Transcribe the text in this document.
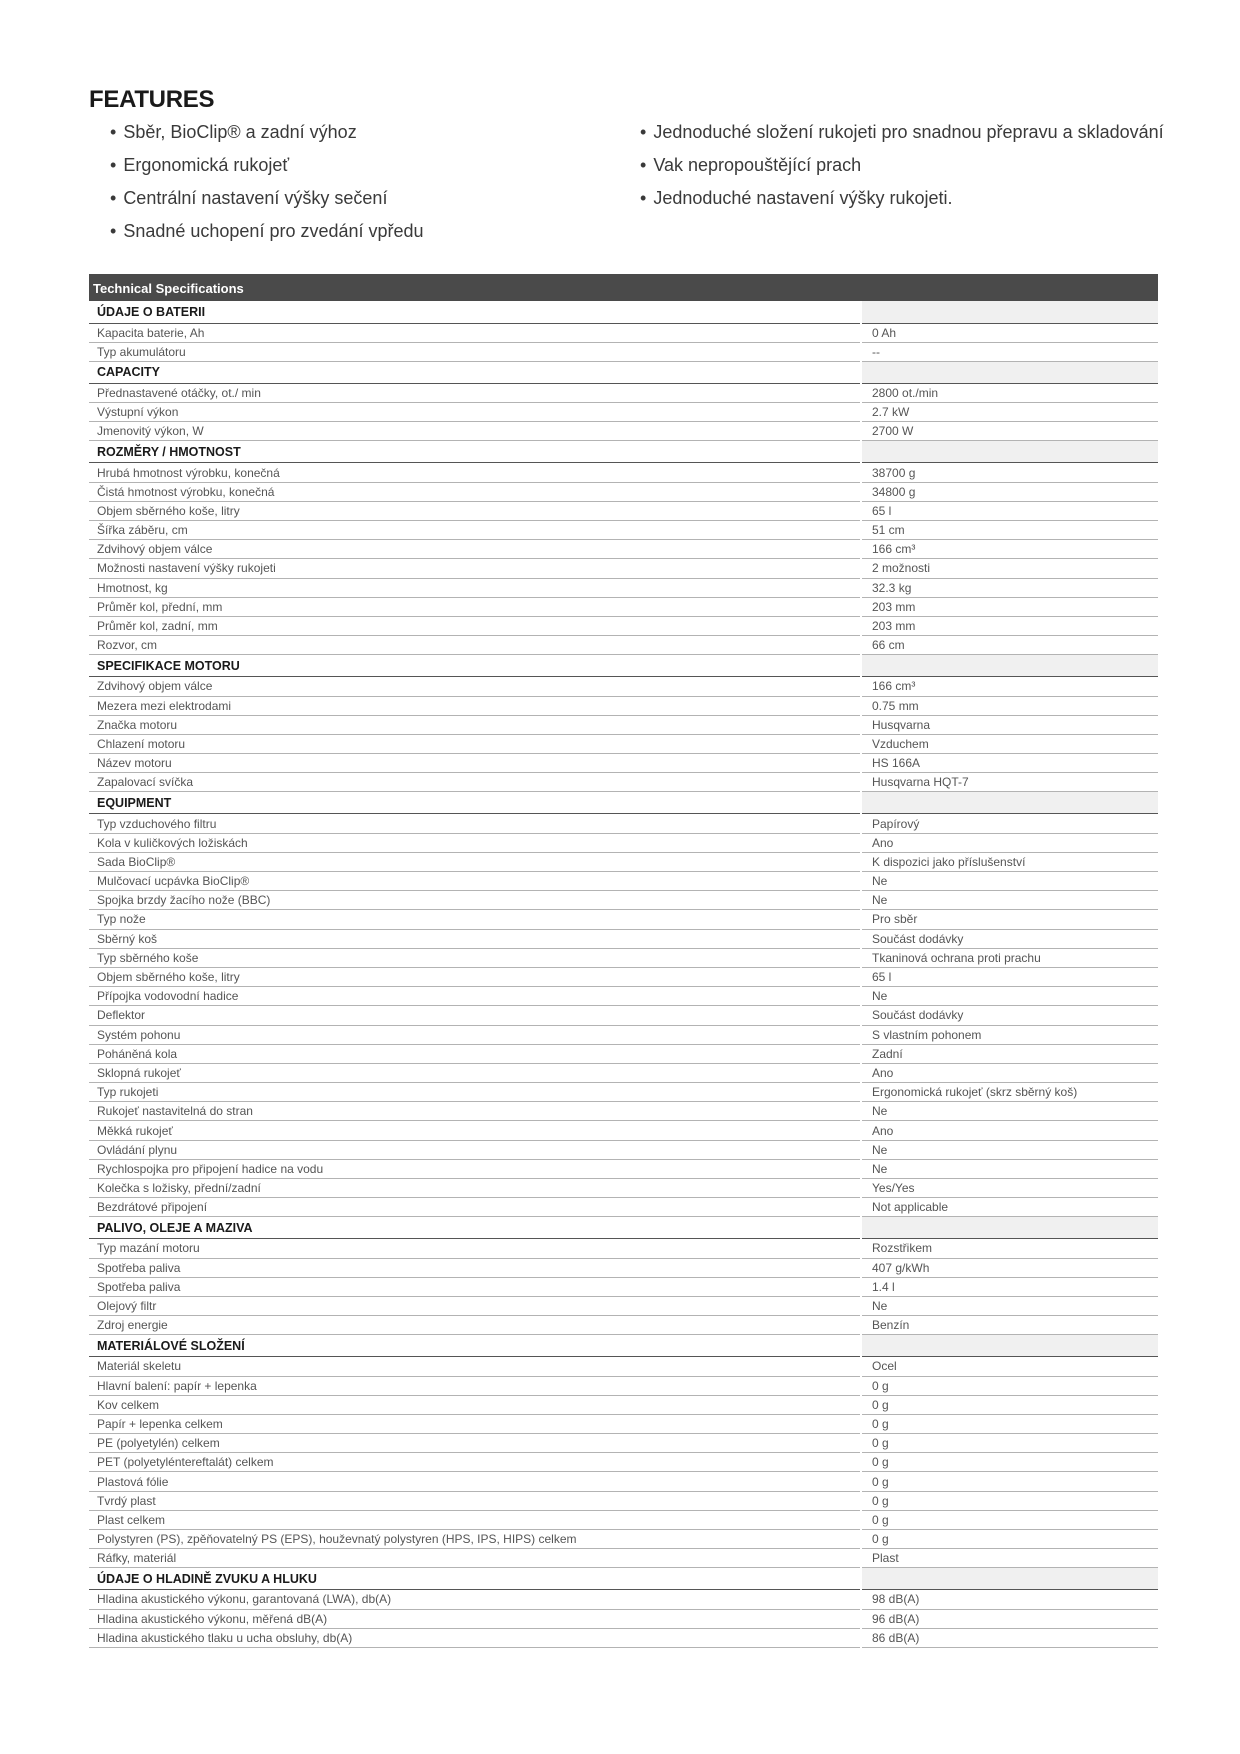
FEATURES
• Sběr, BioClip® a zadní výhoz
• Ergonomická rukojeť
• Centrální nastavení výšky sečení
• Snadné uchopení pro zvedání vpředu
• Jednoduché složení rukojeti pro snadnou přepravu a skladování
• Vak nepropouštějící prach
• Jednoduché nastavení výšky rukojeti.
Technical Specifications
ÚDAJE O BATERII	
Kapacita baterie, Ah	0 Ah
Typ akumulátoru	--
CAPACITY	
Přednastavené otáčky, ot./ min	2800 ot./min
Výstupní výkon	2.7 kW
Jmenovitý výkon, W	2700 W
ROZMĚRY / HMOTNOST	
Hrubá hmotnost výrobku, konečná	38700 g
Čistá hmotnost výrobku, konečná	34800 g
Objem sběrného koše, litry	65 l
Šířka záběru, cm	51 cm
Zdvihový objem válce	166 cm³
Možnosti nastavení výšky rukojeti	2 možnosti
Hmotnost, kg	32.3 kg
Průměr kol, přední, mm	203 mm
Průměr kol, zadní, mm	203 mm
Rozvor, cm	66 cm
SPECIFIKACE MOTORU	
Zdvihový objem válce	166 cm³
Mezera mezi elektrodami	0.75 mm
Značka motoru	Husqvarna
Chlazení motoru	Vzduchem
Název motoru	HS 166A
Zapalovací svíčka	Husqvarna HQT-7
EQUIPMENT	
Typ vzduchového filtru	Papírový
Kola v kuličkových ložiskách	Ano
Sada BioClip®	K dispozici jako příslušenství
Mulčovací ucpávka BioClip®	Ne
Spojka brzdy žacího nože (BBC)	Ne
Typ nože	Pro sběr
Sběrný koš	Součást dodávky
Typ sběrného koše	Tkaninová ochrana proti prachu
Objem sběrného koše, litry	65 l
Přípojka vodovodní hadice	Ne
Deflektor	Součást dodávky
Systém pohonu	S vlastním pohonem
Poháněná kola	Zadní
Sklopná rukojeť	Ano
Typ rukojeti	Ergonomická rukojeť (skrz sběrný koš)
Rukojeť nastavitelná do stran	Ne
Měkká rukojeť	Ano
Ovládání plynu	Ne
Rychlospojka pro připojení hadice na vodu	Ne
Kolečka s ložisky, přední/zadní	Yes/Yes
Bezdrátové připojení	Not applicable
PALIVO, OLEJE A MAZIVA	
Typ mazání motoru	Rozstřikem
Spotřeba paliva	407 g/kWh
Spotřeba paliva	1.4 l
Olejový filtr	Ne
Zdroj energie	Benzín
MATERIÁLOVÉ SLOŽENÍ	
Materiál skeletu	Ocel
Hlavní balení: papír + lepenka	0 g
Kov celkem	0 g
Papír + lepenka celkem	0 g
PE (polyetylén) celkem	0 g
PET (polyetyléntereftalát) celkem	0 g
Plastová fólie	0 g
Tvrdý plast	0 g
Plast celkem	0 g
Polystyren (PS), zpěňovatelný PS (EPS), houževnatý polystyren (HPS, IPS, HIPS) celkem	0 g
Ráfky, materiál	Plast
ÚDAJE O HLADINĚ ZVUKU A HLUKU	
Hladina akustického výkonu, garantovaná (LWA), db(A)	98 dB(A)
Hladina akustického výkonu, měřená dB(A)	96 dB(A)
Hladina akustického tlaku u ucha obsluhy, db(A)	86 dB(A)
